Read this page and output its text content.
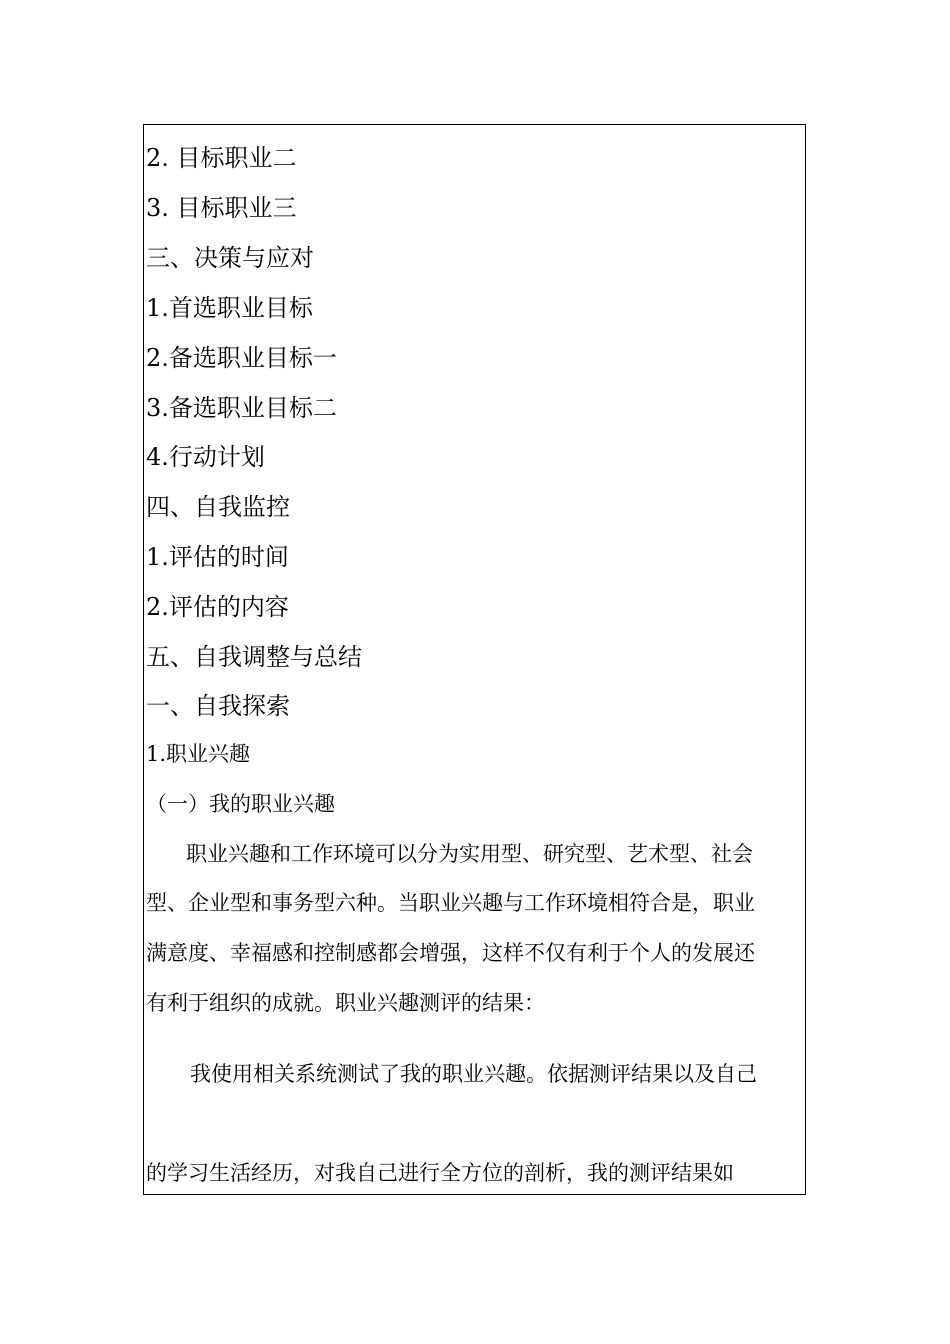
2. 目标职业二
3. 目标职业三
三、决策与应对
1.首选职业目标
2.备选职业目标一
3.备选职业目标二
4.行动计划
四、自我监控
1.评估的时间
2.评估的内容
五、自我调整与总结
一、自我探索
1.职业兴趣
（一）我的职业兴趣
职业兴趣和工作环境可以分为实用型、研究型、艺术型、社会
型、企业型和事务型六种。当职业兴趣与工作环境相符合是，职业
满意度、幸福感和控制感都会增强，这样不仅有利于个人的发展还
有利于组织的成就。职业兴趣测评的结果：
我使用相关系统测试了我的职业兴趣。依据测评结果以及自己
的学习生活经历，对我自己进行全方位的剖析，我的测评结果如
